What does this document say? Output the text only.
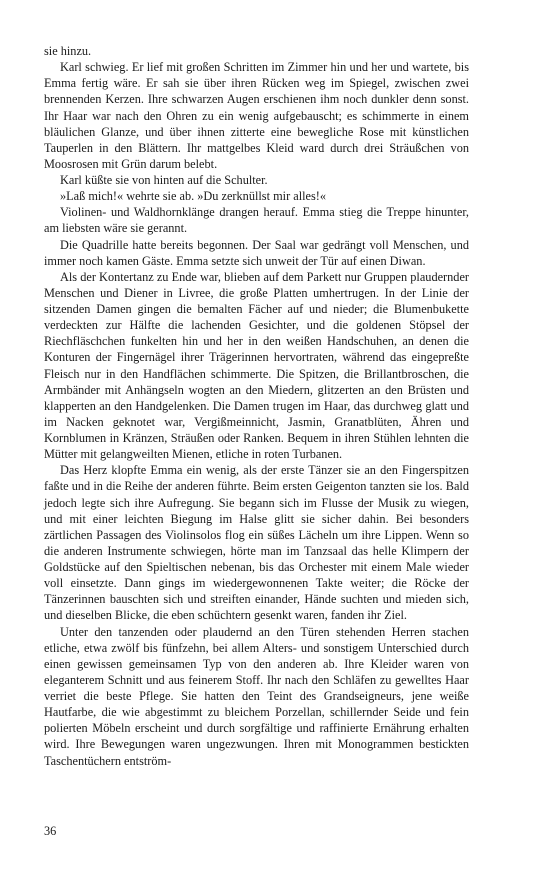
sie hinzu.

Karl schwieg. Er lief mit großen Schritten im Zimmer hin und her und wartete, bis Emma fertig wäre. Er sah sie über ihren Rücken weg im Spiegel, zwischen zwei brennenden Kerzen. Ihre schwarzen Augen erschienen ihm noch dunkler denn sonst. Ihr Haar war nach den Ohren zu ein wenig aufgebauscht; es schimmerte in einem bläulichen Glanze, und über ihnen zitterte eine bewegliche Rose mit künstlichen Tauperlen in den Blättern. Ihr mattgelbes Kleid ward durch drei Sträußchen von Moosrosen mit Grün darum belebt.

Karl küßte sie von hinten auf die Schulter.

»Laß mich!« wehrte sie ab. »Du zerknüllst mir alles!«

Violinen- und Waldhornklänge drangen herauf. Emma stieg die Treppe hinunter, am liebsten wäre sie gerannt.

Die Quadrille hatte bereits begonnen. Der Saal war gedrängt voll Menschen, und immer noch kamen Gäste. Emma setzte sich unweit der Tür auf einen Diwan.

Als der Kontertanz zu Ende war, blieben auf dem Parkett nur Gruppen plaudernder Menschen und Diener in Livree, die große Platten umhertrugen. In der Linie der sitzenden Damen gingen die bemalten Fächer auf und nieder; die Blumenbukette verdeckten zur Hälfte die lachenden Gesichter, und die goldenen Stöpsel der Riechfläschchen funkelten hin und her in den weißen Handschuhen, an denen die Konturen der Fingernägel ihrer Trägerinnen hervortraten, während das eingepreßte Fleisch nur in den Handflächen schimmerte. Die Spitzen, die Brillantbroschen, die Armbänder mit Anhängseln wogten an den Miedern, glitzerten an den Brüsten und klapperten an den Handgelenken. Die Damen trugen im Haar, das durchweg glatt und im Nacken geknotet war, Vergißmeinnicht, Jasmin, Granatblüten, Ähren und Kornblumen in Kränzen, Sträußen oder Ranken. Bequem in ihren Stühlen lehnten die Mütter mit gelangweilten Mienen, etliche in roten Turbanen.

Das Herz klopfte Emma ein wenig, als der erste Tänzer sie an den Fingerspitzen faßte und in die Reihe der anderen führte. Beim ersten Geigenton tanzten sie los. Bald jedoch legte sich ihre Aufregung. Sie begann sich im Flusse der Musik zu wiegen, und mit einer leichten Biegung im Halse glitt sie sicher dahin. Bei besonders zärtlichen Passagen des Violinsolos flog ein süßes Lächeln um ihre Lippen. Wenn so die anderen Instrumente schwiegen, hörte man im Tanzsaal das helle Klimpern der Goldstücke auf den Spieltischen nebenan, bis das Orchester mit einem Male wieder voll einsetzte. Dann gings im wiedergewonnenen Takte weiter; die Röcke der Tänzerinnen bauschten sich und streiften einander, Hände suchten und mieden sich, und dieselben Blicke, die eben schüchtern gesenkt waren, fanden ihr Ziel.

Unter den tanzenden oder plaudernd an den Türen stehenden Herren stachen etliche, etwa zwölf bis fünfzehn, bei allem Alters- und sonstigem Unterschied durch einen gewissen gemeinsamen Typ von den anderen ab. Ihre Kleider waren von eleganterem Schnitt und aus feinerem Stoff. Ihr nach den Schläfen zu gewelltes Haar verriet die beste Pflege. Sie hatten den Teint des Grandseigneurs, jene weiße Hautfarbe, die wie abgestimmt zu bleichem Porzellan, schillernder Seide und fein polierten Möbeln erscheint und durch sorgfältige und raffinierte Ernährung erhalten wird. Ihre Bewegungen waren ungezwungen. Ihren mit Monogrammen bestickten Taschentüchern entström-

36
